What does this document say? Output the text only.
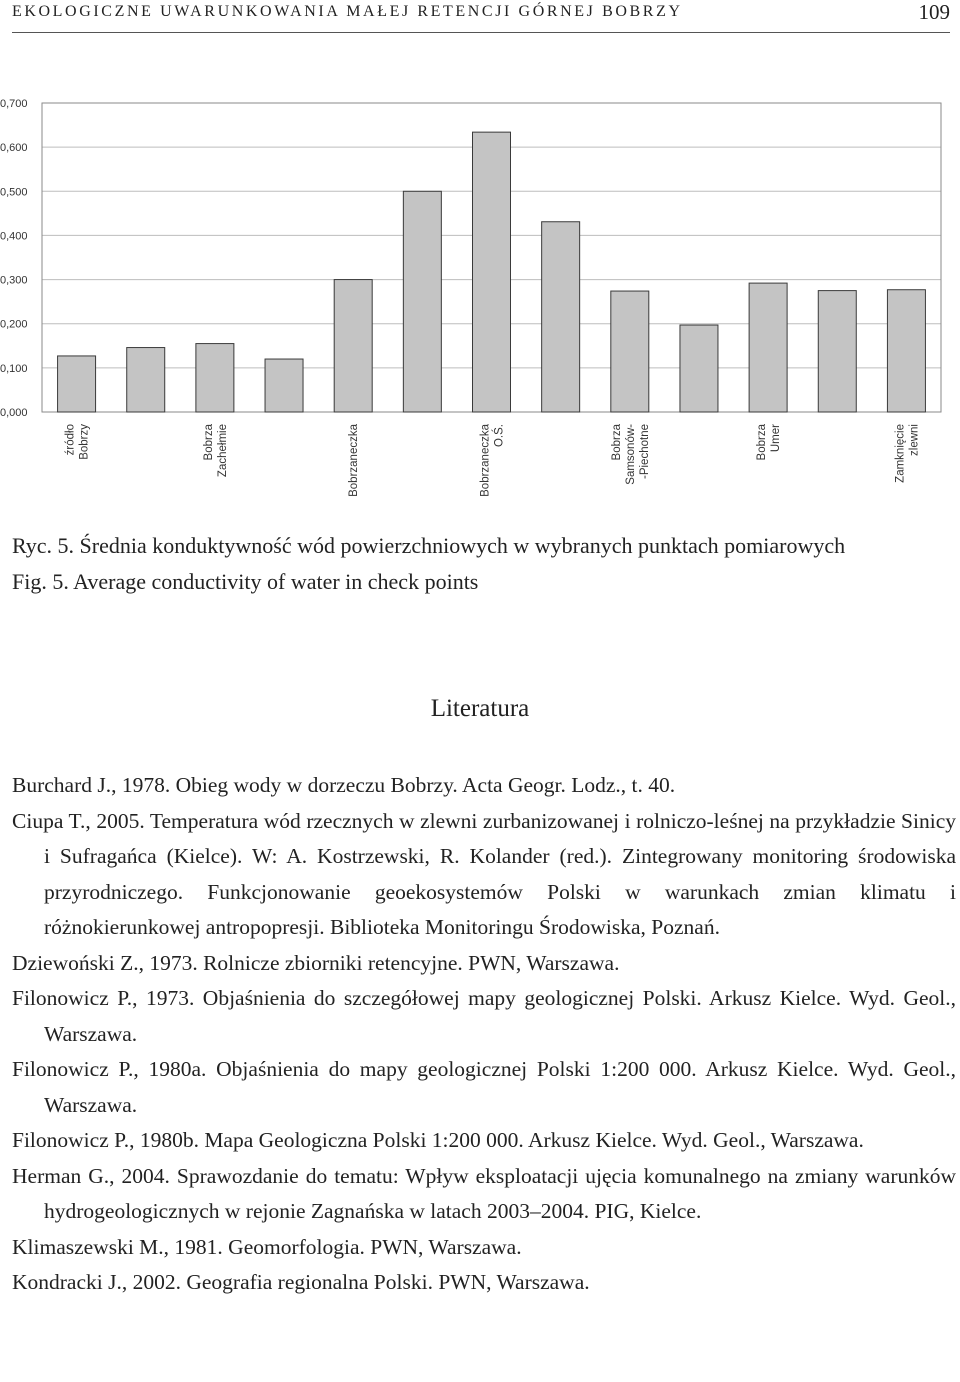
EKOLOGICZNE UWARUNKOWANIA MAŁEJ RETENCJI GÓRNEJ BOBRZY	109
0,000
0,100
0,200
0,300
0,400
0,500
0,600
0,700
źródło Bobrzy	Bobrza Zachełmie	Bobrzaneczka	Bobrzaneczka O.Ś.	Bobrza Samsonów- -Piechotne	Bobrza Umer	Zamknięcie zlewni
Ryc. 5. Średnia konduktywność wód powierzchniowych w wybranych punktach pomiarowych
Fig. 5. Average conductivity of water in check points
Literatura
Burchard J., 1978. Obieg wody w dorzeczu Bobrzy. Acta Geogr. Lodz., t. 40.
Ciupa T., 2005. Temperatura wód rzecznych w zlewni zurbanizowanej i rolniczo-leśnej na przykładzie Sinicy i Sufragańca (Kielce). W: A. Kostrzewski, R. Kolander (red.). Zintegrowany monitoring środowiska przyrodniczego. Funkcjonowanie geoekosystemów Polski w warunkach zmian klimatu i różnokierunkowej antropopresji. Biblioteka Monitoringu Środowiska, Poznań.
Dziewoński Z., 1973. Rolnicze zbiorniki retencyjne. PWN, Warszawa.
Filonowicz P., 1973. Objaśnienia do szczegółowej mapy geologicznej Polski. Arkusz Kielce. Wyd. Geol., Warszawa.
Filonowicz P., 1980a. Objaśnienia do mapy geologicznej Polski 1:200 000. Arkusz Kielce. Wyd. Geol., Warszawa.
Filonowicz P., 1980b. Mapa Geologiczna Polski 1:200 000. Arkusz Kielce. Wyd. Geol., Warszawa.
Herman G., 2004. Sprawozdanie do tematu: Wpływ eksploatacji ujęcia komunalnego na zmiany warunków hydrogeologicznych w rejonie Zagnańska w latach 2003–2004. PIG, Kielce.
Klimaszewski M., 1981. Geomorfologia. PWN, Warszawa.
Kondracki J., 2002. Geografia regionalna Polski. PWN, Warszawa.
